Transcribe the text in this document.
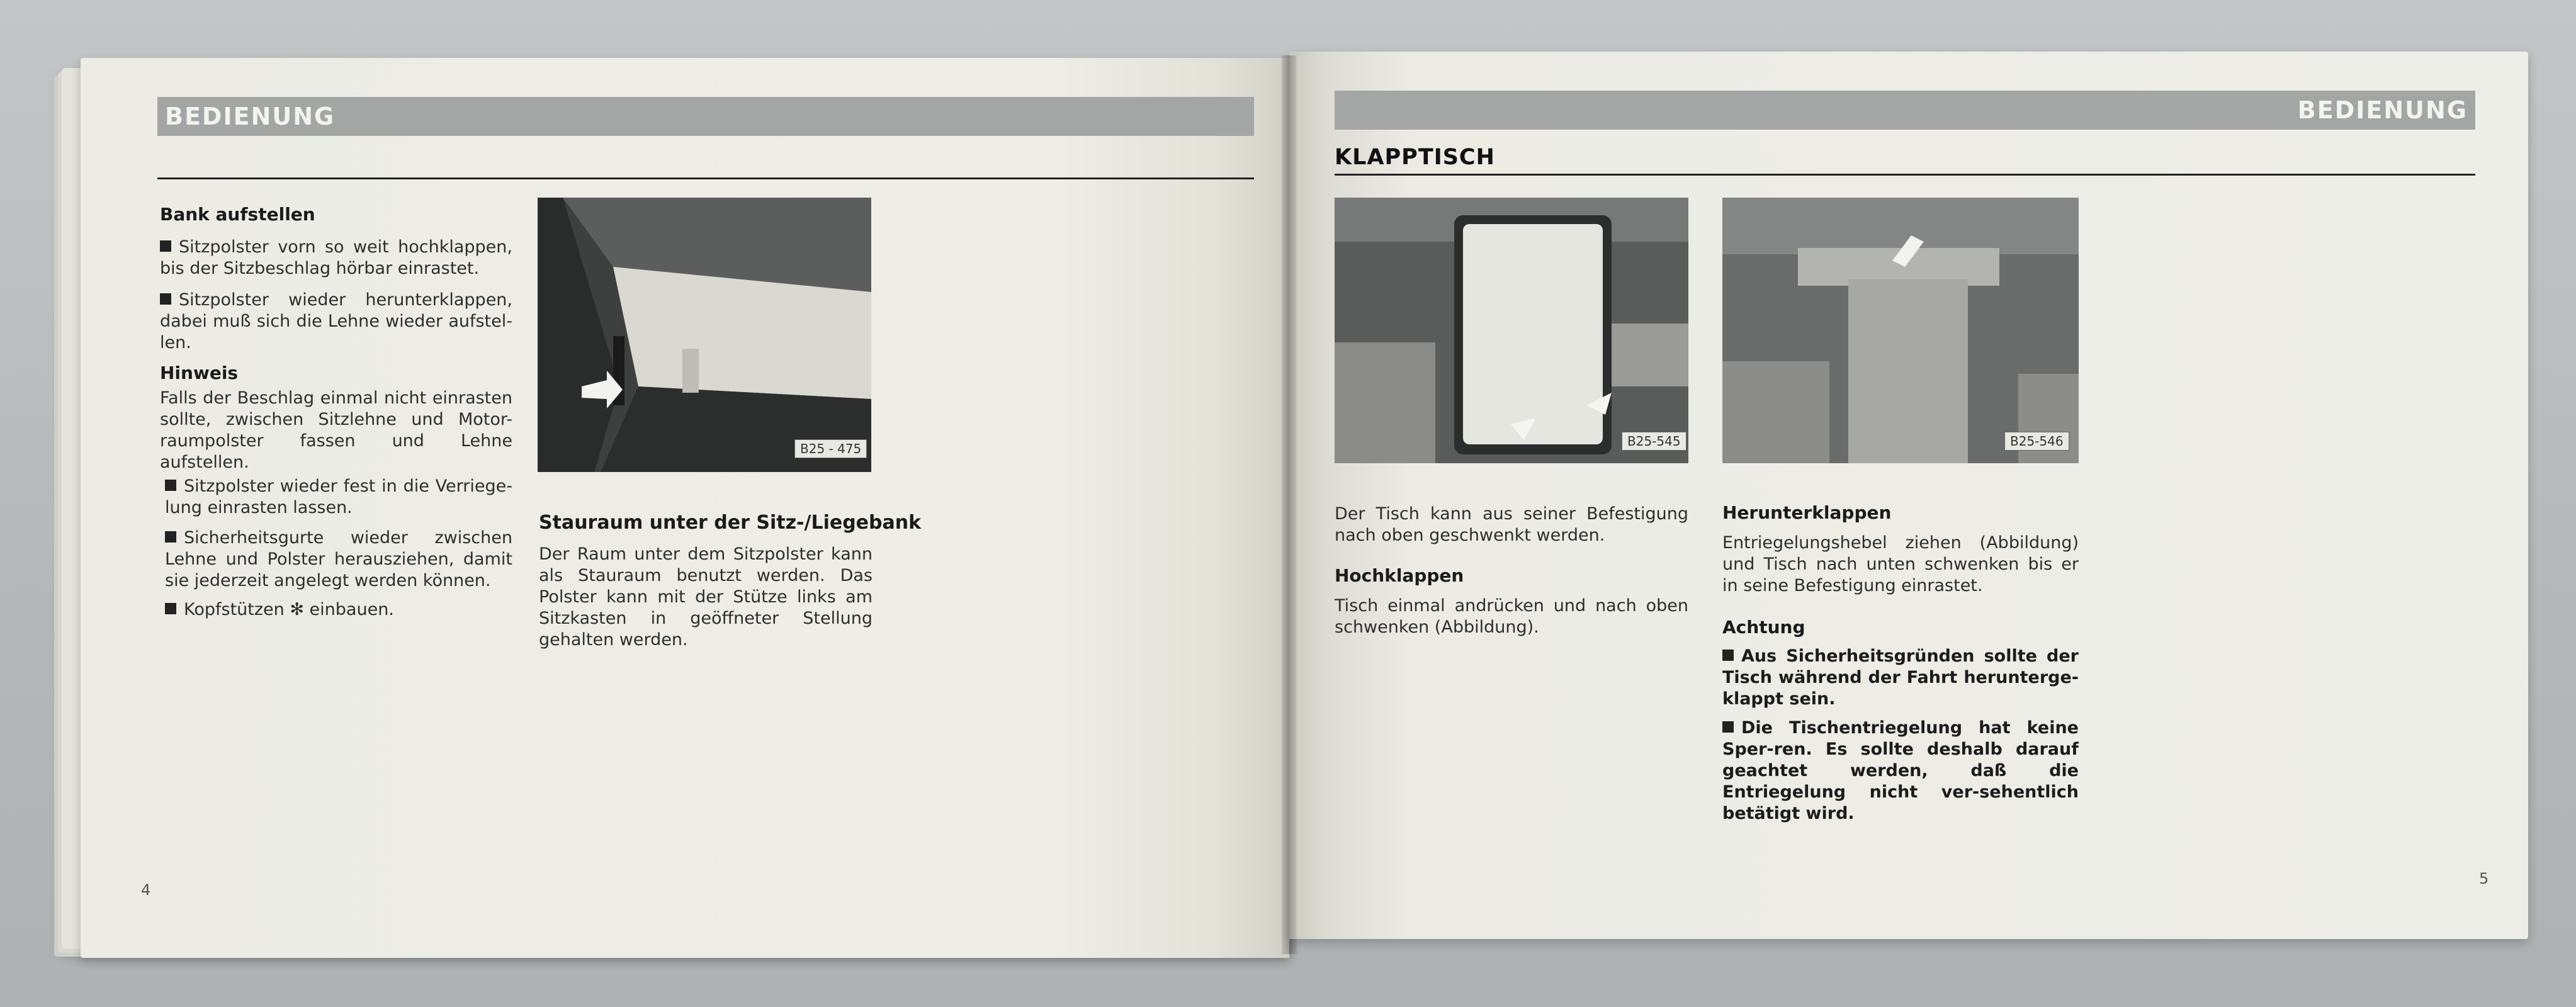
BEDIENUNG
Bank aufstellen
Sitzpolster vorn so weit hochklappen, bis der Sitzbeschlag hörbar einrastet.
Sitzpolster wieder herunterklappen, dabei muß sich die Lehne wieder aufstel-len.
Hinweis
Falls der Beschlag einmal nicht einrasten sollte, zwischen Sitzlehne und Motor-raumpolster fassen und Lehne aufstellen.
Sitzpolster wieder fest in die Verriege-lung einrasten lassen.
Sicherheitsgurte wieder zwischen Lehne und Polster herausziehen, damit sie jederzeit angelegt werden können.
Kopfstützen ✻ einbauen.
B25 - 475
Stauraum unter der Sitz-/Liegebank
Der Raum unter dem Sitzpolster kann als Stauraum benutzt werden. Das Polster kann mit der Stütze links am Sitzkasten in geöffneter Stellung gehalten werden.
4
BEDIENUNG
KLAPPTISCH
B25-545	B25-546
Der Tisch kann aus seiner Befestigung nach oben geschwenkt werden.
Hochklappen
Tisch einmal andrücken und nach oben schwenken (Abbildung).
Herunterklappen
Entriegelungshebel ziehen (Abbildung) und Tisch nach unten schwenken bis er in seine Befestigung einrastet.
Achtung
Aus Sicherheitsgründen sollte der Tisch während der Fahrt herunterge-klappt sein.
Die Tischentriegelung hat keine Sper-ren. Es sollte deshalb darauf geachtet werden, daß die Entriegelung nicht ver-sehentlich betätigt wird.
5
